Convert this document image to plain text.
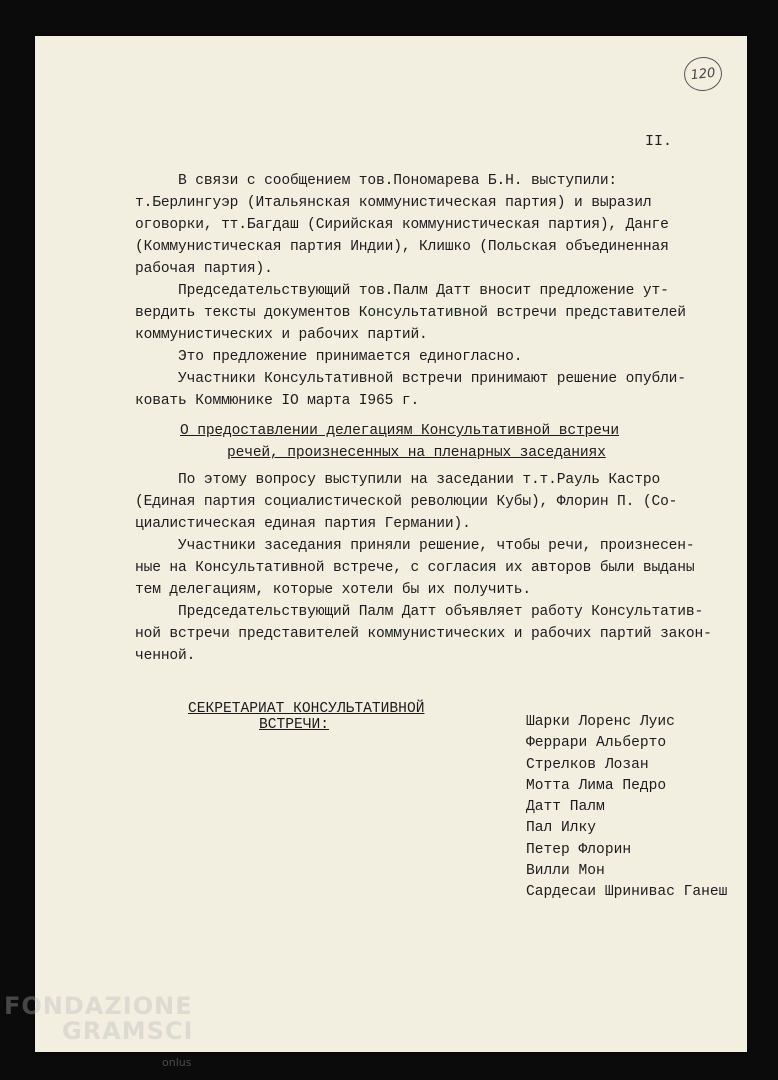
120
II.
В связи с сообщением тов.Пономарева Б.Н. выступили:
т.Берлингуэр (Итальянская коммунистическая партия) и выразил
оговорки, тт.Багдаш (Сирийская коммунистическая партия), Данге
(Коммунистическая партия Индии), Клишко (Польская объединенная
рабочая партия).
Председательствующий тов.Палм Датт вносит предложение ут-
вердить тексты документов Консультативной встречи представителей
коммунистических и рабочих партий.
Это предложение принимается единогласно.
Участники Консультативной встречи принимают решение опубли-
ковать Коммюнике IO марта I965 г.
О предоставлении делегациям Консультативной встречи
речей, произнесенных на пленарных заседаниях
По этому вопросу выступили на заседании т.т.Рауль Кастро
(Единая партия социалистической революции Кубы), Флорин П. (Со-
циалистическая единая партия Германии).
Участники заседания приняли решение, чтобы речи, произнесен-
ные на Консультативной встрече, с согласия их авторов были выданы
тем делегациям, которые хотели бы их получить.
Председательствующий Палм Датт объявляет работу Консультатив-
ной встречи представителей коммунистических и рабочих партий закон-
ченной.
СЕКРЕТАРИАТ КОНСУЛЬТАТИВНОЙ
ВСТРЕЧИ:	Шарки Лоренс Луис
Феррари Альберто
Стрелков Лозан
Мотта Лима Педро
Датт Палм
Пал Илку
Петер Флорин
Вилли Мон
Сардесаи Шринивас Ганеш
FONDAZIONE
GRAMSCI
onlus
